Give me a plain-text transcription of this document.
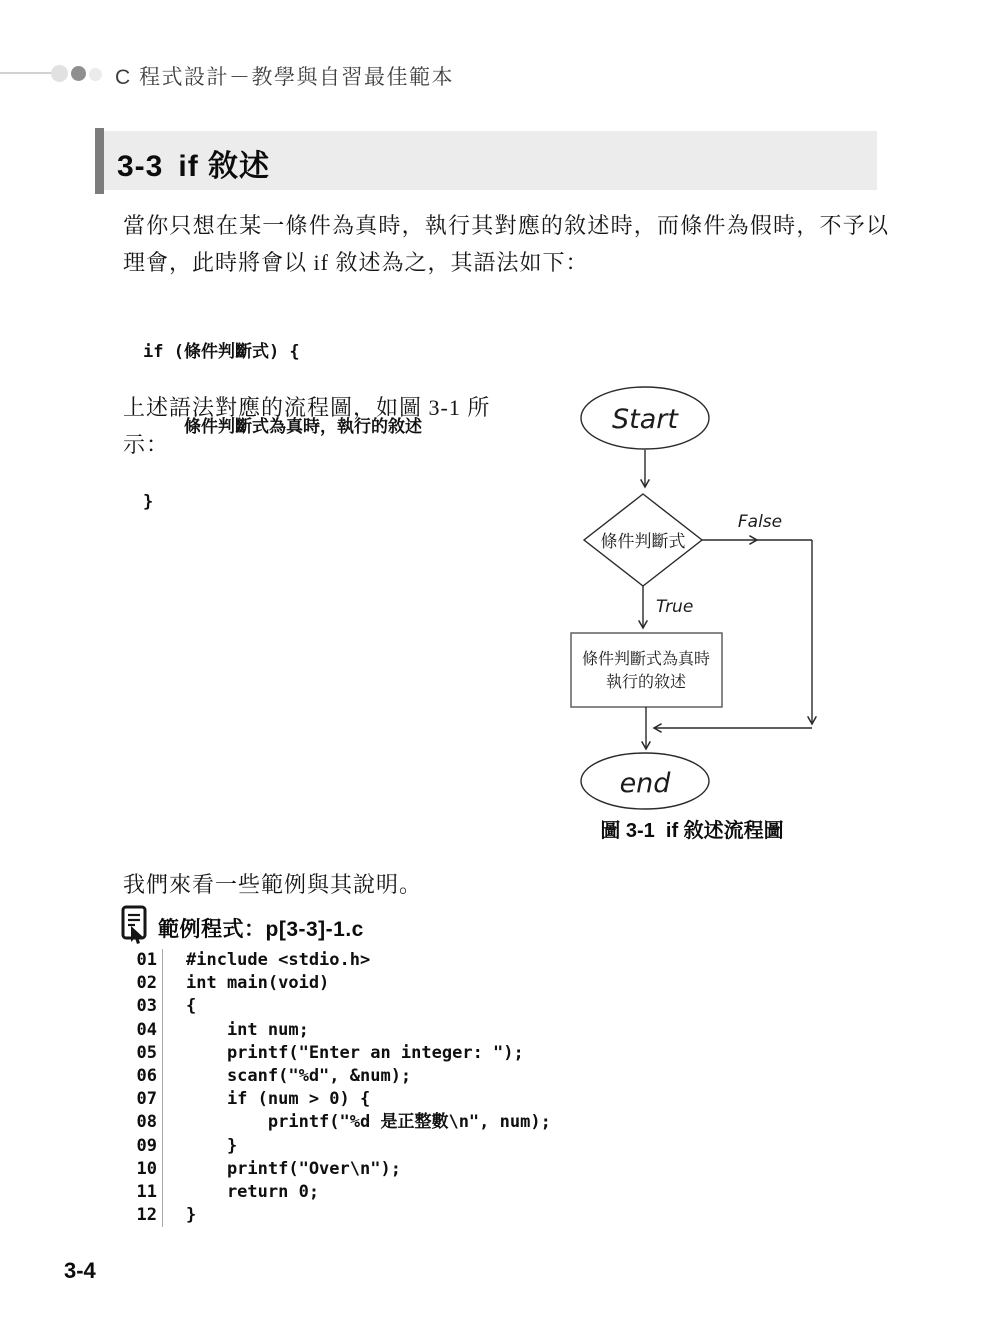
C 程式設計－教學與自習最佳範本
3-3 if 敘述

當你只想在某一條件為真時，執行其對應的敘述時，而條件為假時，不予以理會，此時將會以 if 敘述為之，其語法如下：

if (條件判斷式) {

條件判斷式為真時，執行的敘述

}

上述語法對應的流程圖，如圖 3-1 所示：

Start
條件判斷式
False
True
條件判斷式為真時
執行的敘述
end
圖 3-1  if 敘述流程圖

我們來看一些範例與其說明。

範例程式：p[3-3]-1.c
01	#include <stdio.h>
02	int main(void)
03	{
04	int num;
05	printf("Enter an integer: ");
06	scanf("%d", &num);
07	if (num > 0) {
08	printf("%d 是正整數\n", num);
09	}
10	printf("Over\n");
11	return 0;
12	}
3-4
